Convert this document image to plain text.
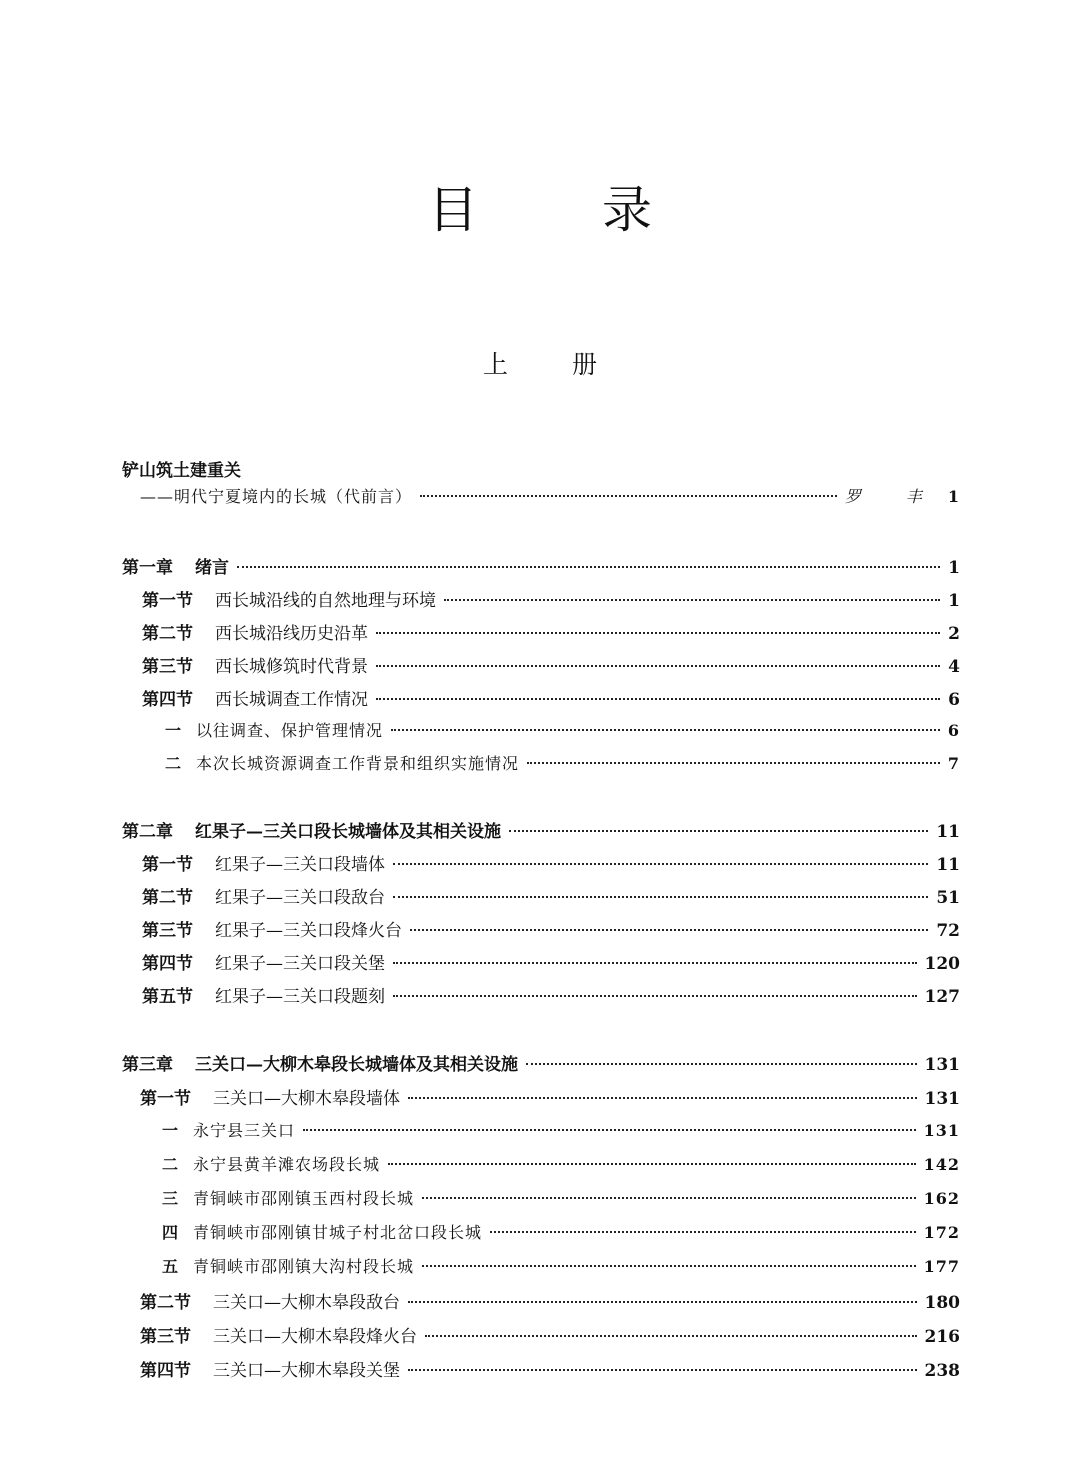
目 录
上 册
铲山筑土建重关
——明代宁夏境内的长城（代前言）	罗 丰 1
第一章 绪言	1
第一节 西长城沿线的自然地理与环境	1
第二节 西长城沿线历史沿革	2
第三节 西长城修筑时代背景	4
第四节 西长城调查工作情况	6
一 以往调查、保护管理情况	6
二 本次长城资源调查工作背景和组织实施情况	7
第二章 红果子—三关口段长城墙体及其相关设施	11
第一节 红果子—三关口段墙体	11
第二节 红果子—三关口段敌台	51
第三节 红果子—三关口段烽火台	72
第四节 红果子—三关口段关堡	120
第五节 红果子—三关口段题刻	127
第三章 三关口—大柳木皋段长城墙体及其相关设施	131
第一节 三关口—大柳木皋段墙体	131
一 永宁县三关口	131
二 永宁县黄羊滩农场段长城	142
三 青铜峡市邵刚镇玉西村段长城	162
四 青铜峡市邵刚镇甘城子村北岔口段长城	172
五 青铜峡市邵刚镇大沟村段长城	177
第二节 三关口—大柳木皋段敌台	180
第三节 三关口—大柳木皋段烽火台	216
第四节 三关口—大柳木皋段关堡	238
